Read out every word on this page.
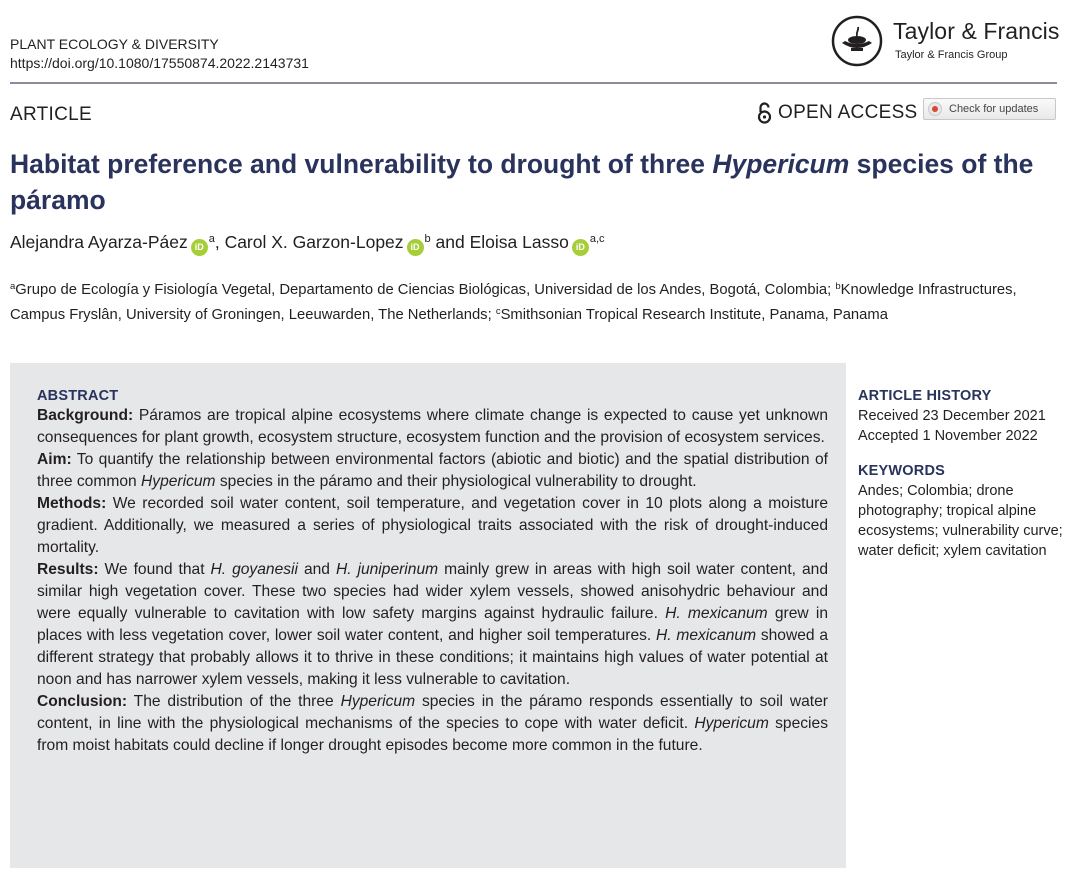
PLANT ECOLOGY & DIVERSITY
https://doi.org/10.1080/17550874.2022.2143731
Taylor & Francis
Taylor & Francis Group
ARTICLE	OPEN ACCESS	Check for updates
Habitat preference and vulnerability to drought of three Hypericum species of the páramo
Alejandra Ayarza-Páez $iD^a$, Carol X. Garzon-Lopez $iD^b$ and Eloisa Lasso iD$^{a,c}$
$^a$Grupo de Ecología y Fisiología Vegetal, Departamento de Ciencias Biológicas, Universidad de los Andes, Bogotá, Colombia; $^b$Knowledge Infrastructures, Campus Fryslân, University of Groningen, Leeuwarden, The Netherlands; $^c$Smithsonian Tropical Research Institute, Panama, Panama
ABSTRACT
Background: Páramos are tropical alpine ecosystems where climate change is expected to cause yet unknown consequences for plant growth, ecosystem structure, ecosystem function and the provision of ecosystem services.
Aim: To quantify the relationship between environmental factors (abiotic and biotic) and the spatial distribution of three common Hypericum species in the páramo and their physiological vulnerability to drought.
Methods: We recorded soil water content, soil temperature, and vegetation cover in 10 plots along a moisture gradient. Additionally, we measured a series of physiological traits associated with the risk of drought-induced mortality.
Results: We found that H. goyanesii and H. juniperinum mainly grew in areas with high soil water content, and similar high vegetation cover. These two species had wider xylem vessels, showed anisohydric behaviour and were equally vulnerable to cavitation with low safety margins against hydraulic failure. H. mexicanum grew in places with less vegetation cover, lower soil water content, and higher soil temperatures. H. mexicanum showed a different strategy that probably allows it to thrive in these conditions; it maintains high values of water potential at noon and has narrower xylem vessels, making it less vulnerable to cavitation.
Conclusion: The distribution of the three Hypericum species in the páramo responds essentially to soil water content, in line with the physiological mechanisms of the species to cope with water deficit. Hypericum species from moist habitats could decline if longer drought episodes become more common in the future.
ARTICLE HISTORY
Received 23 December 2021
Accepted 1 November 2022
KEYWORDS
Andes; Colombia; drone photography; tropical alpine ecosystems; vulnerability curve; water deficit; xylem cavitation
